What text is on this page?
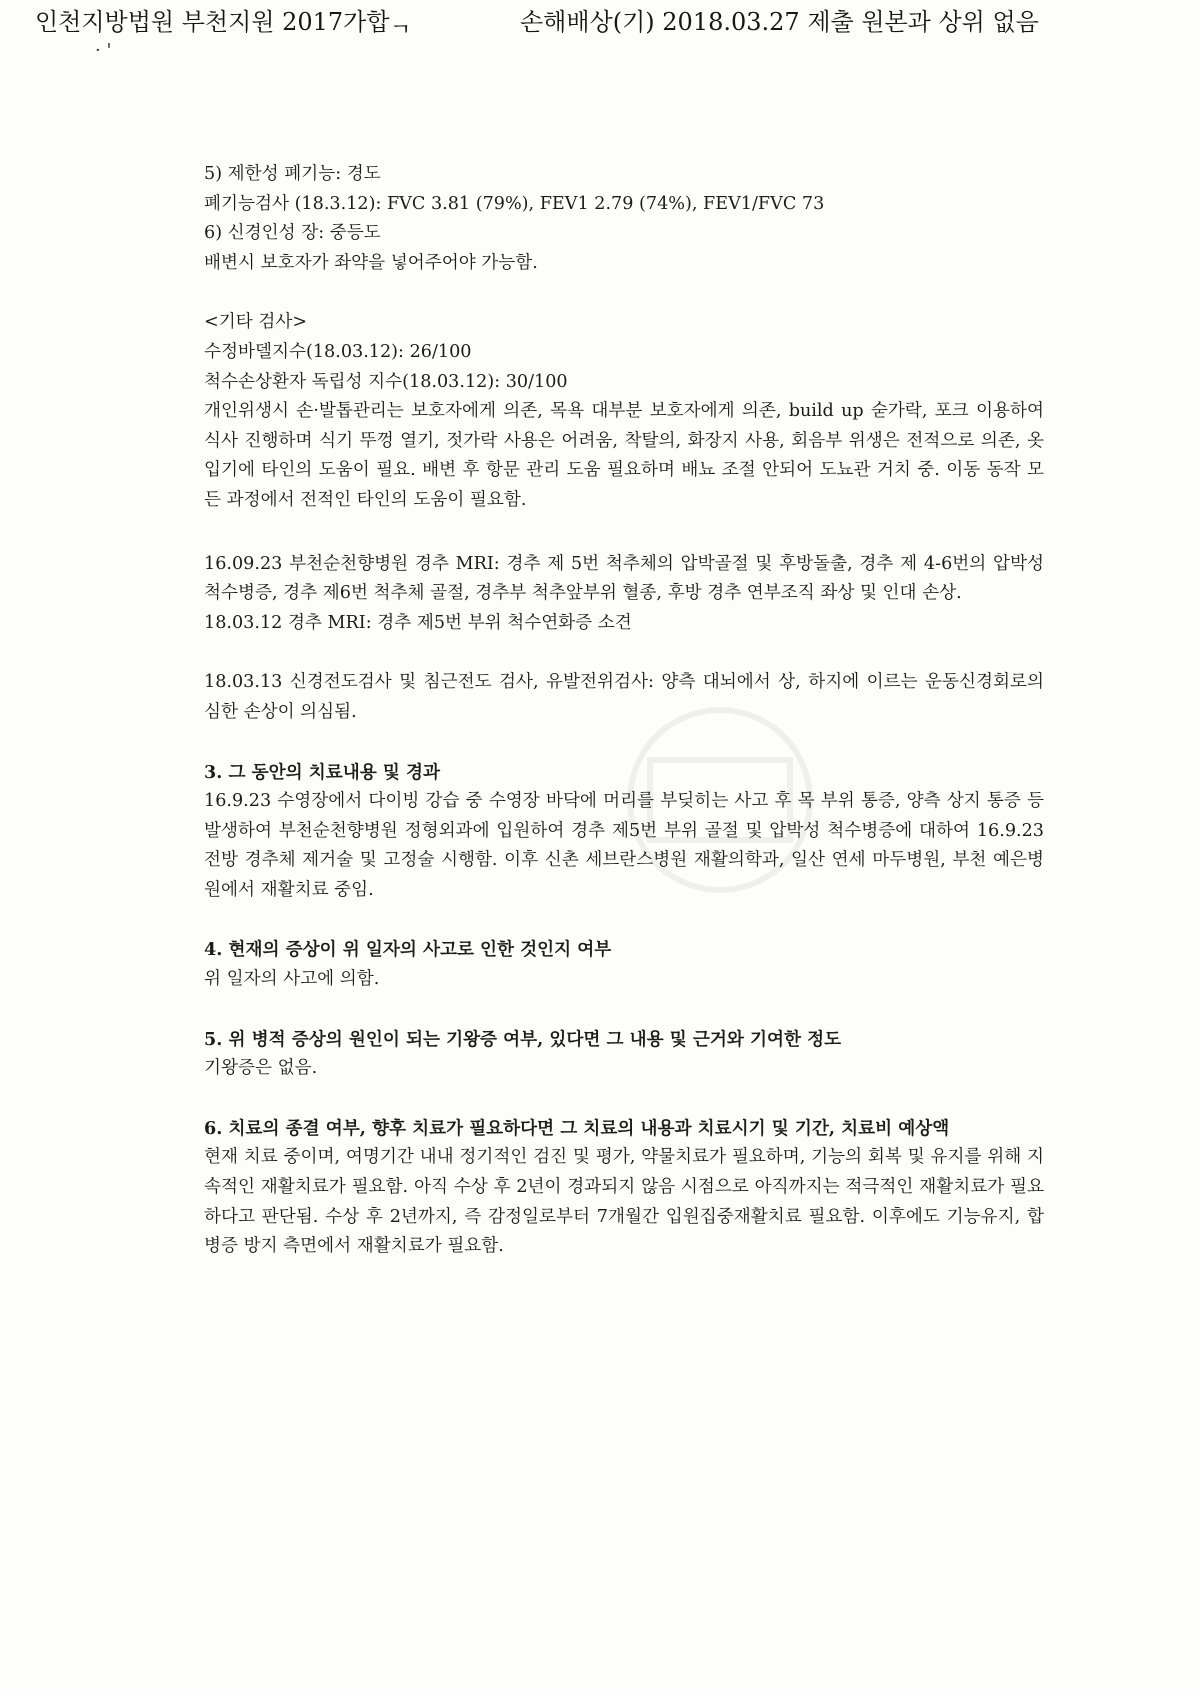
인천지방법원 부천지원 2017가합ᆨ	손해배상(기) 2018.03.27 제출 원본과 상위 없음
· '

5) 제한성 폐기능: 경도

폐기능검사 (18.3.12): FVC 3.81 (79%), FEV1 2.79 (74%), FEV1/FVC 73

6) 신경인성 장: 중등도

배변시 보호자가 좌약을 넣어주어야 가능함.

<기타 검사>

수정바델지수(18.03.12): 26/100

척수손상환자 독립성 지수(18.03.12): 30/100

개인위생시 손·발톱관리는 보호자에게 의존, 목욕 대부분 보호자에게 의존, build up 숟가락, 포크 이용하여 식사 진행하며 식기 뚜껑 열기, 젓가락 사용은 어려움, 착탈의, 화장지 사용, 회음부 위생은 전적으로 의존, 옷입기에 타인의 도움이 필요. 배변 후 항문 관리 도움 필요하며 배뇨 조절 안되어 도뇨관 거치 중. 이동 동작 모든 과정에서 전적인 타인의 도움이 필요함.

16.09.23 부천순천향병원 경추 MRI: 경추 제 5번 척추체의 압박골절 및 후방돌출, 경추 제 4-6번의 압박성 척수병증, 경추 제6번 척추체 골절, 경추부 척추앞부위 혈종, 후방 경추 연부조직 좌상 및 인대 손상.

18.03.12 경추 MRI: 경추 제5번 부위 척수연화증 소견

18.03.13 신경전도검사 및 침근전도 검사, 유발전위검사: 양측 대뇌에서 상, 하지에 이르는 운동신경회로의 심한 손상이 의심됨.

3. 그 동안의 치료내용 및 경과

16.9.23 수영장에서 다이빙 강습 중 수영장 바닥에 머리를 부딪히는 사고 후 목 부위 통증, 양측 상지 통증 등 발생하여 부천순천향병원 정형외과에 입원하여 경추 제5번 부위 골절 및 압박성 척수병증에 대하여 16.9.23 전방 경추체 제거술 및 고정술 시행함. 이후 신촌 세브란스병원 재활의학과, 일산 연세 마두병원, 부천 예은병원에서 재활치료 중임.

4. 현재의 증상이 위 일자의 사고로 인한 것인지 여부

위 일자의 사고에 의함.

5. 위 병적 증상의 원인이 되는 기왕증 여부, 있다면 그 내용 및 근거와 기여한 정도

기왕증은 없음.

6. 치료의 종결 여부, 향후 치료가 필요하다면 그 치료의 내용과 치료시기 및 기간, 치료비 예상액

현재 치료 중이며, 여명기간 내내 정기적인 검진 및 평가, 약물치료가 필요하며, 기능의 회복 및 유지를 위해 지속적인 재활치료가 필요함. 아직 수상 후 2년이 경과되지 않음 시점으로 아직까지는 적극적인 재활치료가 필요하다고 판단됨. 수상 후 2년까지, 즉 감정일로부터 7개월간 입원집중재활치료 필요함. 이후에도 기능유지, 합병증 방지 측면에서 재활치료가 필요함.
